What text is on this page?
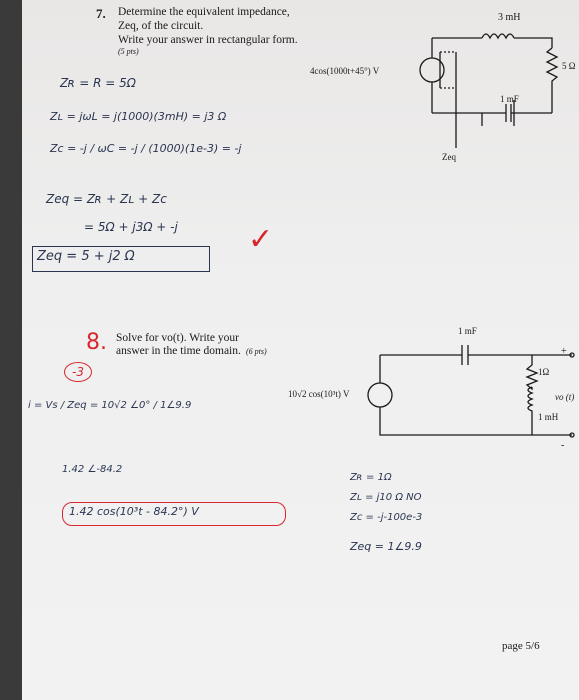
7. Determine the equivalent impedance,
Zeq, of the circuit.
Write your answer in rectangular form.
(5 pts)
3 mH
4cos(1000t+45°) V	5 Ω
1 mF
Zeq
Zʀ = R = 5Ω
Zʟ = jωL = j(1000)(3mH) = j3 Ω
Zc = -j / ωC = -j / (1000)(1e-3) = -j
Zeq = Zʀ + Zʟ + Zc
= 5Ω + j3Ω + -j
Zeq = 5 + j2 Ω
✓
8. Solve for vo(t). Write your
answer in the time domain. (6 pts)
-3
1 mF
1Ω
1 mH
10√2 cos(10³t) V	vo (t)
+
-
i = Vs / Zeq = 10√2 ∠0° / 1∠9.9
1.42 ∠-84.2
1.42 cos(10³t - 84.2°) V
Zʀ = 1Ω
Zʟ = j10 Ω NO
Zc = -j-100e-3
Zeq = 1∠9.9
page 5/6
